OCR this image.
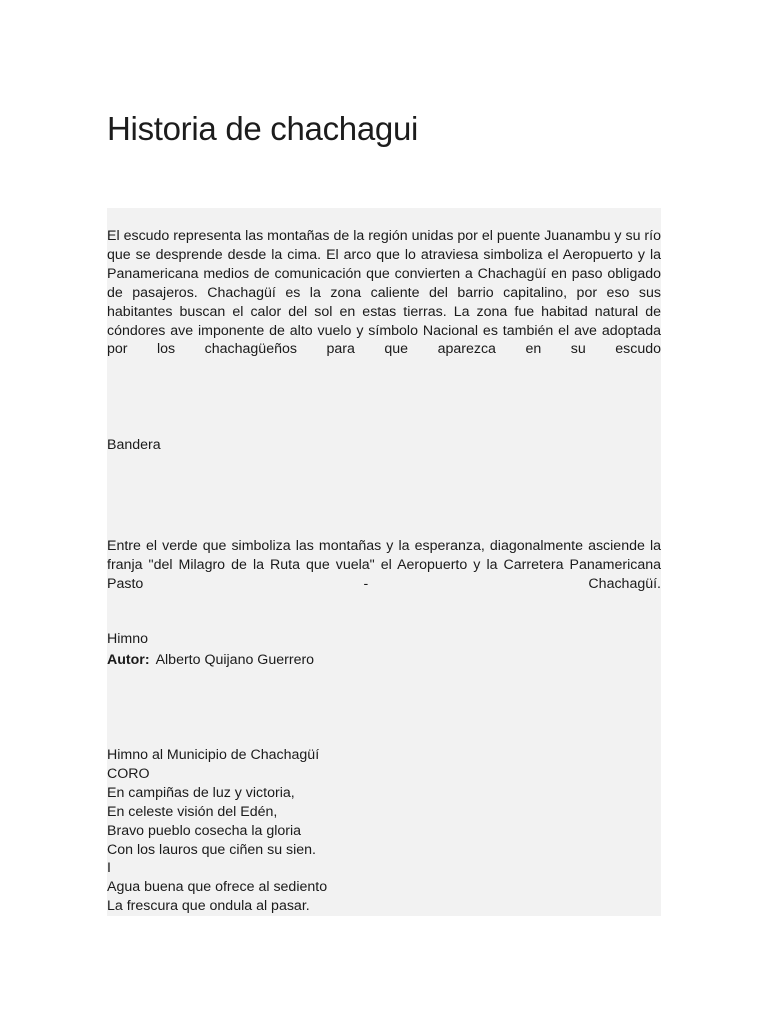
Historia de chachagui

El escudo representa las montañas de la región unidas por el puente Juanambu y su río que se desprende desde la cima. El arco que lo atraviesa simboliza el Aeropuerto y la Panamericana medios de comunicación que convierten a Chachagüí en paso obligado de pasajeros. Chachagüí es la zona caliente del barrio capitalino, por eso sus habitantes buscan el calor del sol en estas tierras. La zona fue habitad natural de cóndores ave imponente de alto vuelo y símbolo Nacional es también el ave adoptada por los chachagüeños para que aparezca en su escudo

Bandera

Entre el verde que simboliza las montañas y la esperanza, diagonalmente asciende la franja "del Milagro de la Ruta que vuela" el Aeropuerto y la Carretera Panamericana Pasto - Chachagüí.

Himno
Autor: Alberto Quijano Guerrero
Himno al Municipio de Chachagüí
CORO
En campiñas de luz y victoria,
En celeste visión del Edén,
Bravo pueblo cosecha la gloria
Con los lauros que ciñen su sien.
I
Agua buena que ofrece al sediento
La frescura que ondula al pasar.
